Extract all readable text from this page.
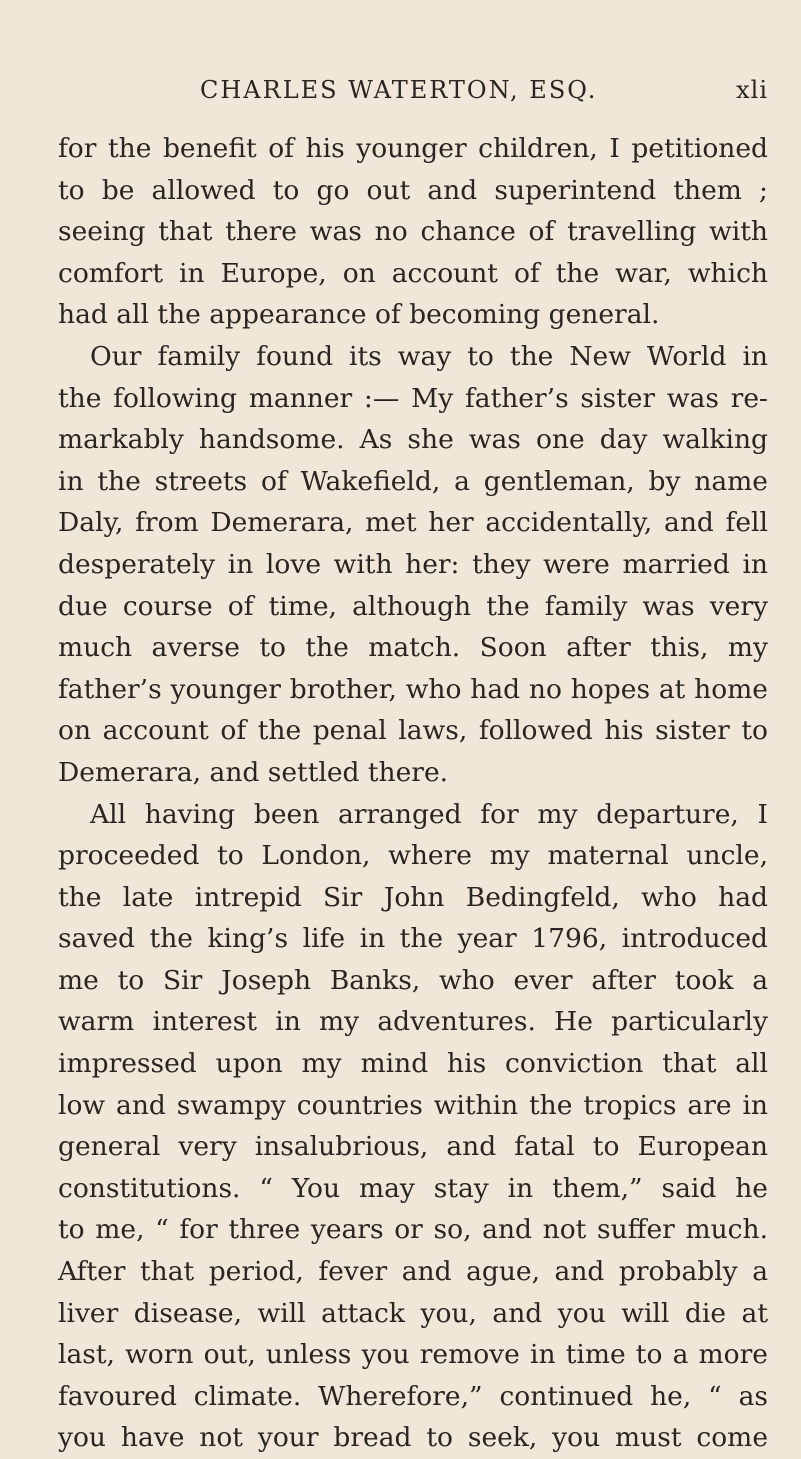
CHARLES WATERTON, ESQ.	xli
for the benefit of his younger children, I petitioned
to be allowed to go out and superintend them ;
seeing that there was no chance of travelling with
comfort in Europe, on account of the war, which
had all the appearance of becoming general.
Our family found its way to the New World in
the following manner :— My father’s sister was re-
markably handsome. As she was one day walking
in the streets of Wakefield, a gentleman, by name
Daly, from Demerara, met her accidentally, and fell
desperately in love with her: they were married in
due course of time, although the family was very
much averse to the match. Soon after this, my
father’s younger brother, who had no hopes at home
on account of the penal laws, followed his sister to
Demerara, and settled there.
All having been arranged for my departure, I
proceeded to London, where my maternal uncle,
the late intrepid Sir John Bedingfeld, who had
saved the king’s life in the year 1796, introduced
me to Sir Joseph Banks, who ever after took a
warm interest in my adventures. He particularly
impressed upon my mind his conviction that all
low and swampy countries within the tropics are in
general very insalubrious, and fatal to European
constitutions. “ You may stay in them,” said he
to me, “ for three years or so, and not suffer much.
After that period, fever and ague, and probably a
liver disease, will attack you, and you will die at
last, worn out, unless you remove in time to a more
favoured climate. Wherefore,” continued he, “ as
you have not your bread to seek, you must come
